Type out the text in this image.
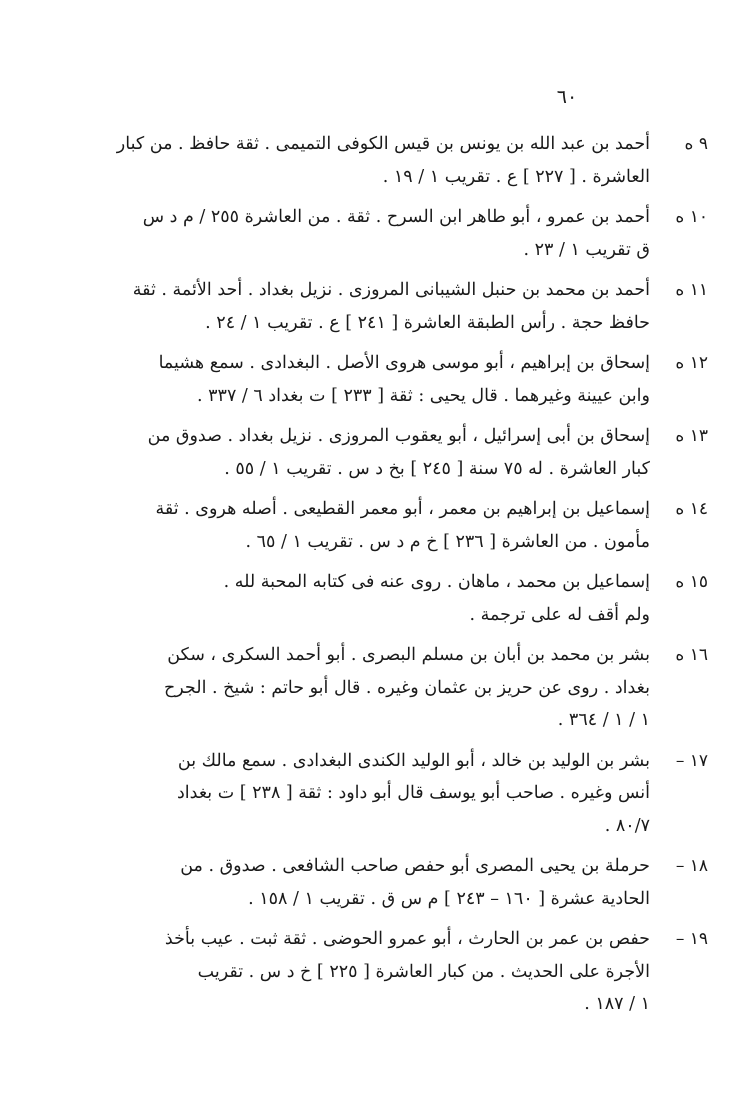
٦٠
٩ ه
أحمد بن عبد الله بن يونس بن قيس الكوفى التميمى . ثقة حافظ . من كبار
العاشرة . [ ٢٢٧ ] ع . تقريب ١ / ١٩ .
١٠ ه
أحمد بن عمرو ، أبو طاهر ابن السرح . ثقة . من العاشرة ٢٥٥ / م د س
ق تقريب ١ / ٢٣ .
١١ ه
أحمد بن محمد بن حنبل الشيبانى المروزى . نزيل بغداد . أحد الأئمة . ثقة
حافظ حجة . رأس الطبقة العاشرة [ ٢٤١ ] ع . تقريب ١ / ٢٤ .
١٢ ه
إسحاق بن إبراهيم ، أبو موسى هروى الأصل . البغدادى . سمع هشيما
وابن عيينة وغيرهما . قال يحيى : ثقة [ ٢٣٣ ] ت بغداد ٦ / ٣٣٧ .
١٣ ه
إسحاق بن أبى إسرائيل ، أبو يعقوب المروزى . نزيل بغداد . صدوق من
كبار العاشرة . له ٧٥ سنة [ ٢٤٥ ] بخ د س . تقريب ١ / ٥٥ .
١٤ ه
إسماعيل بن إبراهيم بن معمر ، أبو معمر القطيعى . أصله هروى . ثقة
مأمون . من العاشرة [ ٢٣٦ ] خ م د س . تقريب ١ / ٦٥ .
١٥ ه
إسماعيل بن محمد ، ماهان . روى عنه فى كتابه المحبة لله .
ولم أقف له على ترجمة .
١٦ ه
بشر بن محمد بن أبان بن مسلم البصرى . أبو أحمد السكرى ، سكن
بغداد . روى عن حريز بن عثمان وغيره . قال أبو حاتم : شيخ . الجرح
١ / ١ / ٣٦٤ .
١٧ –
بشر بن الوليد بن خالد ، أبو الوليد الكندى البغدادى . سمع مالك بن
أنس وغيره . صاحب أبو يوسف قال أبو داود : ثقة [ ٢٣٨ ] ت بغداد
٨٠/٧ .
١٨ –
حرملة بن يحيى المصرى أبو حفص صاحب الشافعى . صدوق . من
الحادية عشرة [ ١٦٠ – ٢٤٣ ] م س ق . تقريب ١ / ١٥٨ .
١٩ –
حفص بن عمر بن الحارث ، أبو عمرو الحوضى . ثقة ثبت . عيب بأخذ
الأجرة على الحديث . من كبار العاشرة [ ٢٢٥ ] خ د س . تقريب
١ / ١٨٧ .
